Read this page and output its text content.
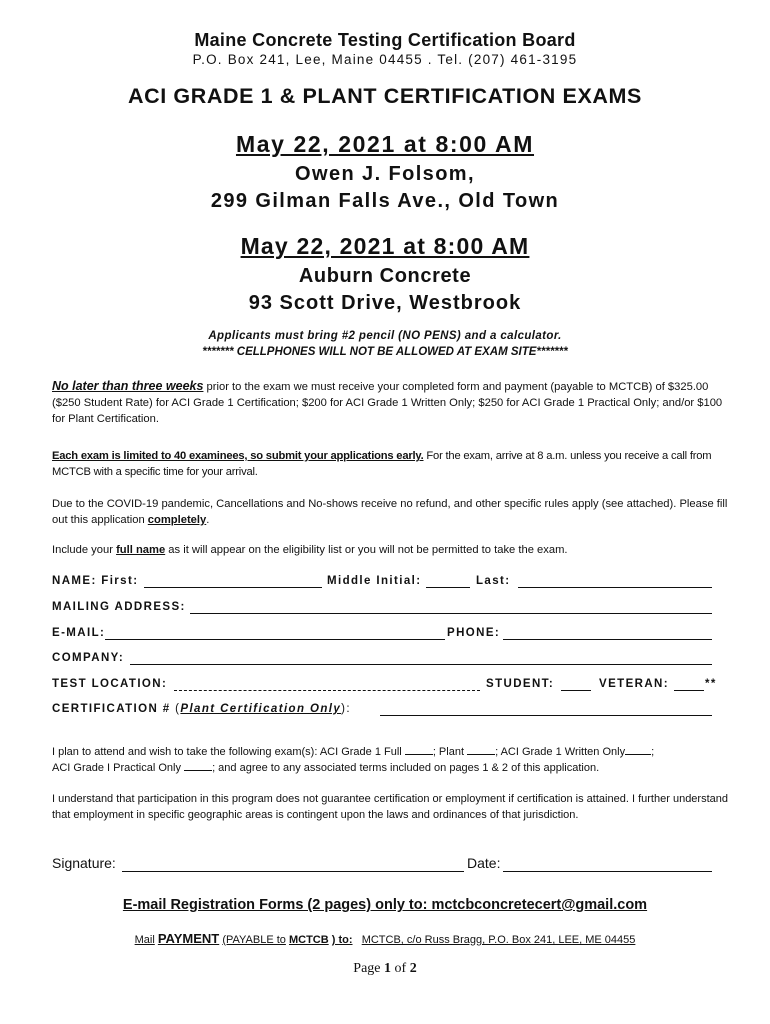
Maine Concrete Testing Certification Board
P.O. Box 241, Lee, Maine 04455 . Tel. (207) 461-3195
ACI GRADE 1 & PLANT CERTIFICATION EXAMS
May 22, 2021 at 8:00 AM
Owen J. Folsom,
299 Gilman Falls Ave., Old Town
May 22, 2021 at 8:00 AM
Auburn Concrete
93 Scott Drive, Westbrook
Applicants must bring #2 pencil (NO PENS) and a calculator.
******* CELLPHONES WILL NOT BE ALLOWED AT EXAM SITE*******
No later than three weeks prior to the exam we must receive your completed form and payment (payable to MCTCB) of $325.00 ($250 Student Rate) for ACI Grade 1 Certification; $200 for ACI Grade 1 Written Only; $250 for ACI Grade 1 Practical Only; and/or $100 for Plant Certification.
Each exam is limited to 40 examinees, so submit your applications early. For the exam, arrive at 8 a.m. unless you receive a call from MCTCB with a specific time for your arrival.
Due to the COVID-19 pandemic, Cancellations and No-shows receive no refund, and other specific rules apply (see attached). Please fill out this application completely.
Include your full name as it will appear on the eligibility list or you will not be permitted to take the exam.
NAME: First:	Middle Initial:	Last:
MAILING ADDRESS:
E-MAIL:	PHONE:
COMPANY:
TEST LOCATION:	STUDENT:	VETERAN:	**
CERTIFICATION # (Plant Certification Only):
I plan to attend and wish to take the following exam(s): ACI Grade 1 Full	; Plant	; ACI Grade 1 Written Only ;
ACI Grade I Practical Only	; and agree to any associated terms included on pages 1 & 2 of this application.
I understand that participation in this program does not guarantee certification or employment if certification is attained. I further understand that employment in specific geographic areas is contingent upon the laws and ordinances of that jurisdiction.
Signature:	Date:
E-mail Registration Forms (2 pages) only to: mctcbconcretecert@gmail.com
Mail PAYMENT (PAYABLE to MCTCB ) to: MCTCB, c/o Russ Bragg, P.O. Box 241, LEE, ME 04455
Page 1 of 2
